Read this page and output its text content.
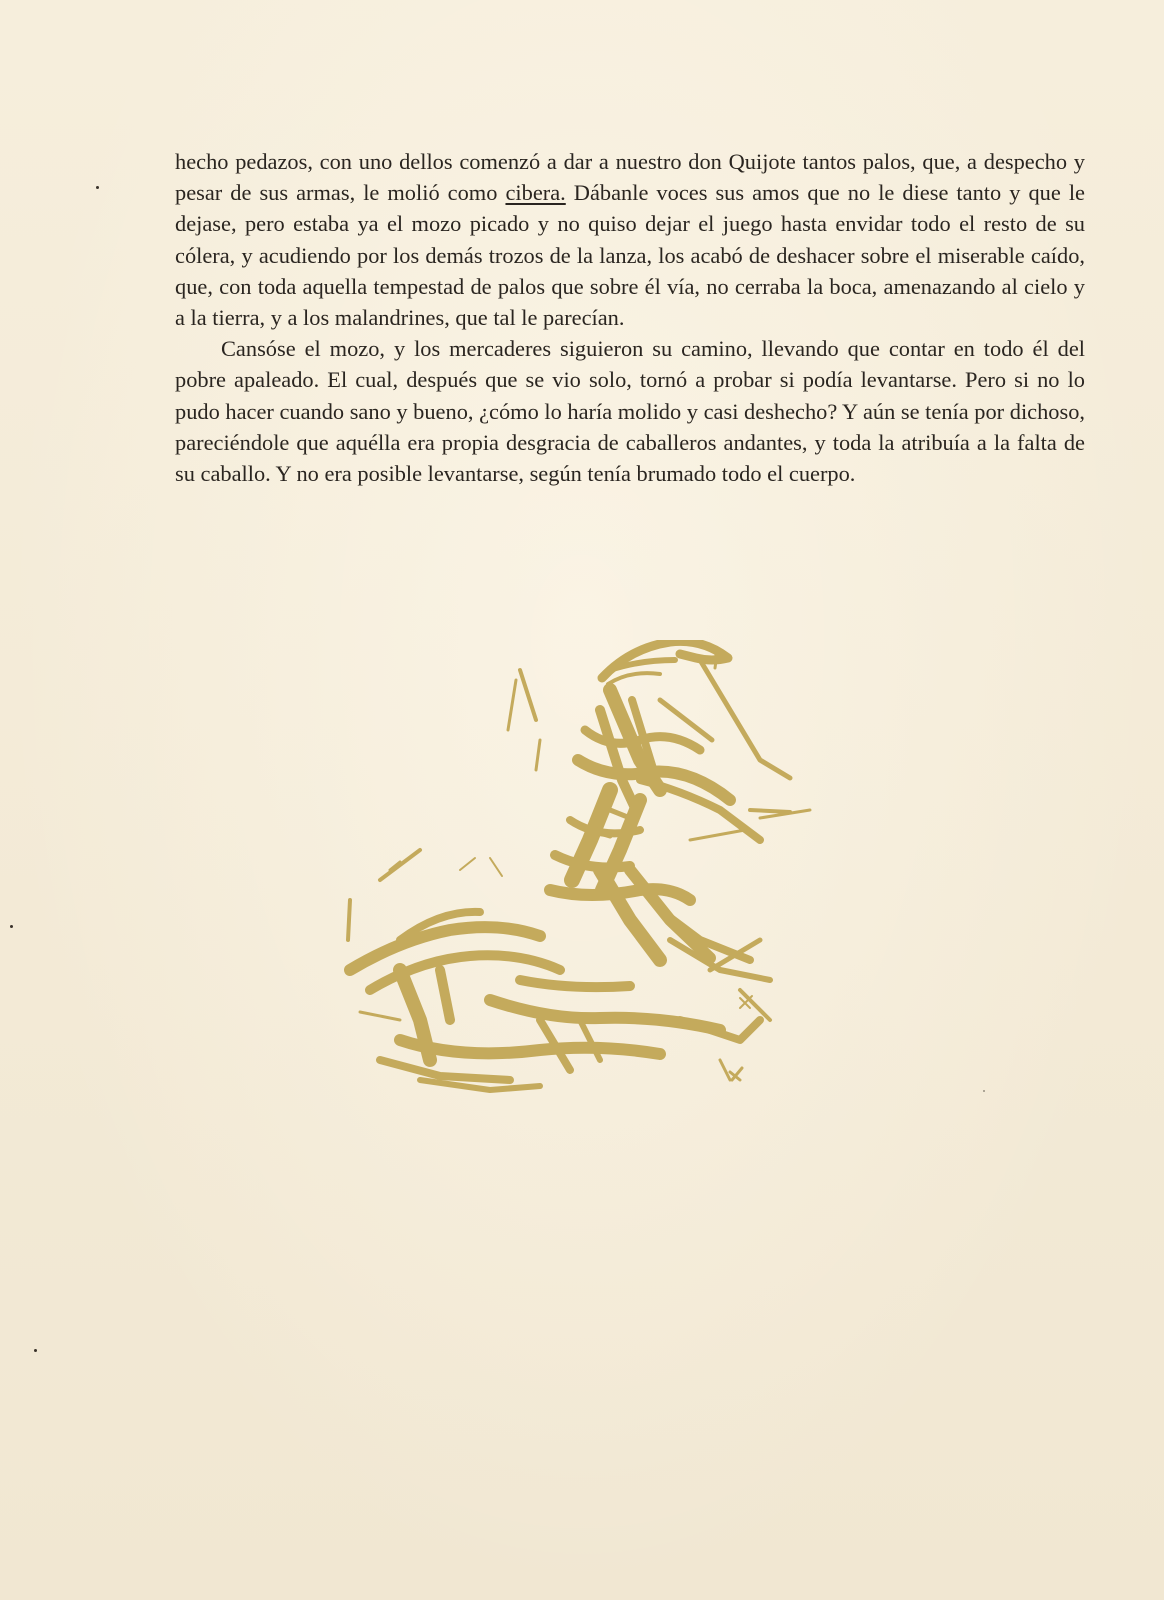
hecho pedazos, con uno dellos comenzó a dar a nuestro don Quijote tantos palos, que, a despecho y pesar de sus armas, le molió como cibera. Dábanle voces sus amos que no le diese tanto y que le dejase, pero estaba ya el mozo picado y no quiso dejar el juego hasta envidar todo el resto de su cólera, y acudiendo por los demás trozos de la lanza, los acabó de deshacer sobre el miserable caído, que, con toda aquella tempestad de palos que sobre él vía, no cerraba la boca, amenazando al cielo y a la tierra, y a los malandrines, que tal le parecían.

Cansóse el mozo, y los mercaderes siguieron su camino, llevando que contar en todo él del pobre apaleado. El cual, después que se vio solo, tornó a probar si podía levantarse. Pero si no lo pudo hacer cuando sano y bueno, ¿cómo lo haría molido y casi deshecho? Y aún se tenía por dichoso, pareciéndole que aquélla era propia desgracia de caballeros andantes, y toda la atribuía a la falta de su caballo. Y no era posible levantarse, según tenía brumado todo el cuerpo.
